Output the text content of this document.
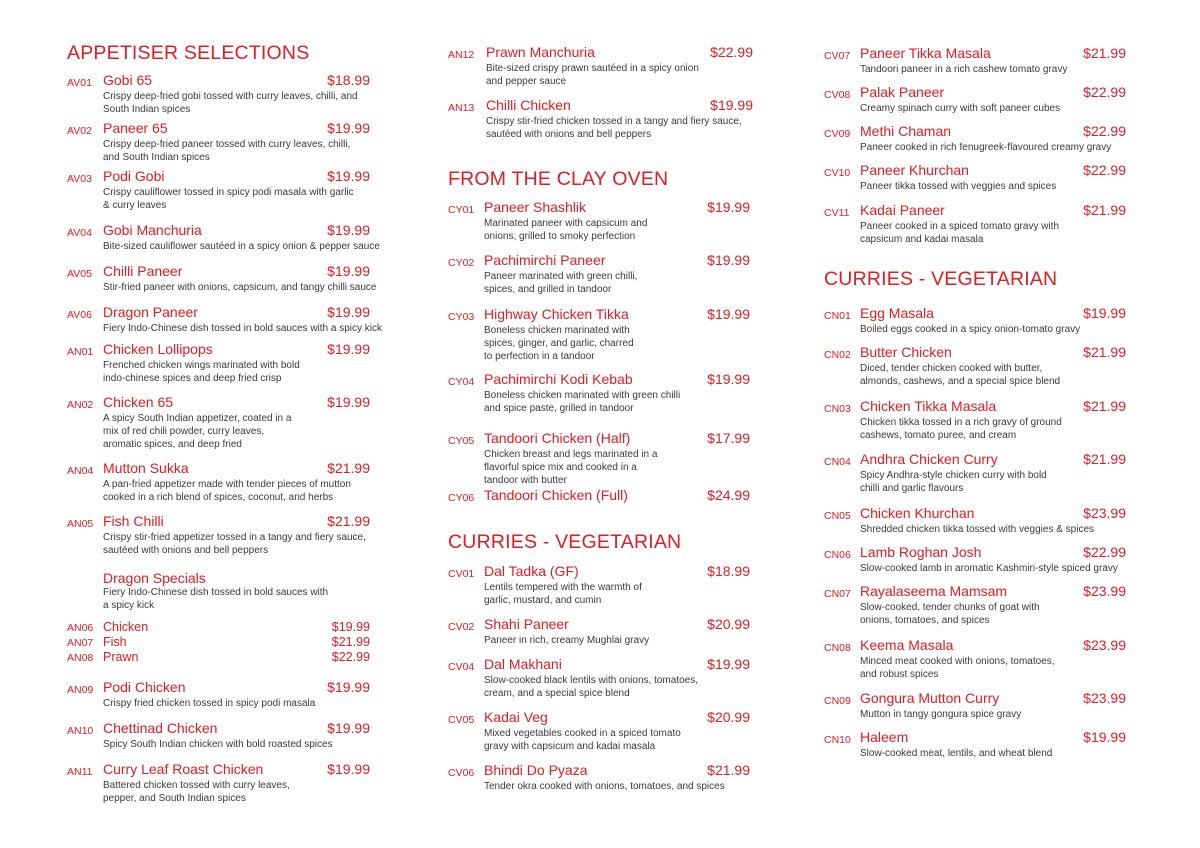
APPETISER SELECTIONS
AV01 Gobi 65	$18.99

Crispy deep-fried gobi tossed with curry leaves, chilli, and South Indian spices

AV02 Paneer 65	$19.99

Crispy deep-fried paneer tossed with curry leaves, chilli, and South Indian spices

AV03 Podi Gobi	$19.99

Crispy cauliflower tossed in spicy podi masala with garlic & curry leaves

AV04 Gobi Manchuria	$19.99

Bite-sized cauliflower sautéed in a spicy onion & pepper sauce

AV05 Chilli Paneer	$19.99

Stir-fried paneer with onions, capsicum, and tangy chilli sauce

AV06 Dragon Paneer	$19.99

Fiery Indo-Chinese dish tossed in bold sauces with a spicy kick

AN01 Chicken Lollipops	$19.99

Frenched chicken wings marinated with bold indo-chinese spices and deep fried crisp

AN02 Chicken 65	$19.99

A spicy South Indian appetizer, coated in a mix of red chili powder, curry leaves, aromatic spices, and deep fried

AN04 Mutton Sukka	$21.99

A pan-fried appetizer made with tender pieces of mutton cooked in a rich blend of spices, coconut, and herbs

AN05 Fish Chilli	$21.99

Crispy stir-fried appetizer tossed in a tangy and fiery sauce, sautéed with onions and bell peppers

Dragon Specials

Fiery Indo-Chinese dish tossed in bold sauces with a spicy kick

AN06 Chicken	$19.99
AN07 Fish	$21.99
AN08 Prawn	$22.99
AN09 Podi Chicken	$19.99

Crispy fried chicken tossed in spicy podi masala

AN10 Chettinad Chicken	$19.99

Spicy South Indian chicken with bold roasted spices

AN11 Curry Leaf Roast Chicken	$19.99

Battered chicken tossed with curry leaves, pepper, and South Indian spices

AN12 Prawn Manchuria	$22.99

Bite-sized crispy prawn sautéed in a spicy onion and pepper sauce

AN13 Chilli Chicken	$19.99

Crispy stir-fried chicken tossed in a tangy and fiery sauce, sautéed with onions and bell peppers

FROM THE CLAY OVEN
CY01 Paneer Shashlik	$19.99

Marinated paneer with capsicum and onions, grilled to smoky perfection

CY02 Pachimirchi Paneer	$19.99

Paneer marinated with green chilli, spices, and grilled in tandoor

CY03 Highway Chicken Tikka	$19.99

Boneless chicken marinated with spices, ginger, and garlic, charred to perfection in a tandoor

CY04 Pachimirchi Kodi Kebab	$19.99

Boneless chicken marinated with green chilli and spice paste, grilled in tandoor

CY05 Tandoori Chicken (Half)	$17.99

Chicken breast and legs marinated in a flavorful spice mix and cooked in a tandoor with butter

CY06 Tandoori Chicken (Full)	$24.99
CURRIES - VEGETARIAN
CV01 Dal Tadka (GF)	$18.99

Lentils tempered with the warmth of garlic, mustard, and cumin

CV02 Shahi Paneer	$20.99

Paneer in rich, creamy Mughlai gravy

CV04 Dal Makhani	$19.99

Slow-cooked black lentils with onions, tomatoes, cream, and a special spice blend

CV05 Kadai Veg	$20.99

Mixed vegetables cooked in a spiced tomato gravy with capsicum and kadai masala

CV06 Bhindi Do Pyaza	$21.99

Tender okra cooked with onions, tomatoes, and spices

CV07 Paneer Tikka Masala	$21.99

Tandoori paneer in a rich cashew tomato gravy

CV08 Palak Paneer	$22.99

Creamy spinach curry with soft paneer cubes

CV09 Methi Chaman	$22.99

Paneer cooked in rich fenugreek-flavoured creamy gravy

CV10 Paneer Khurchan	$22.99

Paneer tikka tossed with veggies and spices

CV11 Kadai Paneer	$21.99

Paneer cooked in a spiced tomato gravy with capsicum and kadai masala

CURRIES - VEGETARIAN
CN01 Egg Masala	$19.99

Boiled eggs cooked in a spicy onion-tomato gravy

CN02 Butter Chicken	$21.99

Diced, tender chicken cooked with butter, almonds, cashews, and a special spice blend

CN03 Chicken Tikka Masala	$21.99

Chicken tikka tossed in a rich gravy of ground cashews, tomato puree, and cream

CN04 Andhra Chicken Curry	$21.99

Spicy Andhra-style chicken curry with bold chilli and garlic flavours

CN05 Chicken Khurchan	$23.99

Shredded chicken tikka tossed with veggies & spices

CN06 Lamb Roghan Josh	$22.99

Slow-cooked lamb in aromatic Kashmiri-style spiced gravy

CN07 Rayalaseema Mamsam	$23.99

Slow-cooked, tender chunks of goat with onions, tomatoes, and spices

CN08 Keema Masala	$23.99

Minced meat cooked with onions, tomatoes, and robust spices

CN09 Gongura Mutton Curry	$23.99

Mutton in tangy gongura spice gravy

CN10 Haleem	$19.99

Slow-cooked meat, lentils, and wheat blend
